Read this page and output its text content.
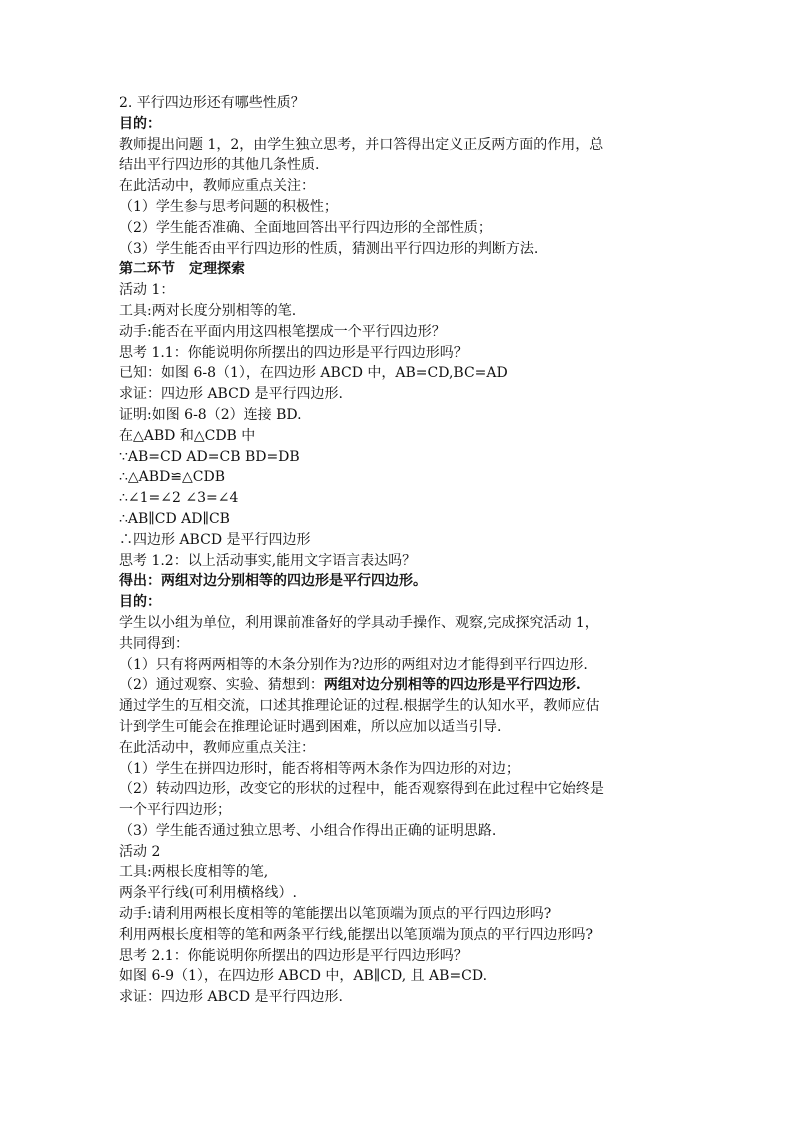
2. 平行四边形还有哪些性质？
目的：
教师提出问题 1，2，由学生独立思考，并口答得出定义正反两方面的作用，总
结出平行四边形的其他几条性质.
在此活动中，教师应重点关注：
（1）学生参与思考问题的积极性；
（2）学生能否准确、全面地回答出平行四边形的全部性质；
（3）学生能否由平行四边形的性质，猜测出平行四边形的判断方法.
第二环节　定理探索
活动 1：
工具:两对长度分别相等的笔.
动手:能否在平面内用这四根笔摆成一个平行四边形？
思考 1.1：你能说明你所摆出的四边形是平行四边形吗？
已知：如图 6-8（1），在四边形 ABCD 中，AB=CD,BC=AD
求证：四边形 ABCD 是平行四边形.
证明:如图 6-8（2）连接 BD.
在△ABD 和△CDB 中
∵AB=CD AD=CB BD=DB
∴△ABD≌△CDB
∴∠1=∠2 ∠3=∠4
∴AB∥CD AD∥CB
∴四边形 ABCD 是平行四边形
思考 1.2：以上活动事实,能用文字语言表达吗？
得出：两组对边分别相等的四边形是平行四边形。
目的：
学生以小组为单位，利用课前准备好的学具动手操作、观察,完成探究活动 1，
共同得到：
（1）只有将两两相等的木条分别作为?边形的两组对边才能得到平行四边形.
（2）通过观察、实验、猜想到：两组对边分别相等的四边形是平行四边形.
通过学生的互相交流，口述其推理论证的过程.根据学生的认知水平，教师应估
计到学生可能会在推理论证时遇到困难，所以应加以适当引导.
在此活动中，教师应重点关注：
（1）学生在拼四边形时，能否将相等两木条作为四边形的对边；
（2）转动四边形，改变它的形状的过程中，能否观察得到在此过程中它始终是
一个平行四边形；
（3）学生能否通过独立思考、小组合作得出正确的证明思路.
活动 2
工具:两根长度相等的笔,
两条平行线(可利用横格线）.
动手:请利用两根长度相等的笔能摆出以笔顶端为顶点的平行四边形吗?
利用两根长度相等的笔和两条平行线,能摆出以笔顶端为顶点的平行四边形吗?
思考 2.1：你能说明你所摆出的四边形是平行四边形吗？
如图 6-9（1），在四边形 ABCD 中，AB∥CD, 且 AB=CD.
求证：四边形 ABCD 是平行四边形.
